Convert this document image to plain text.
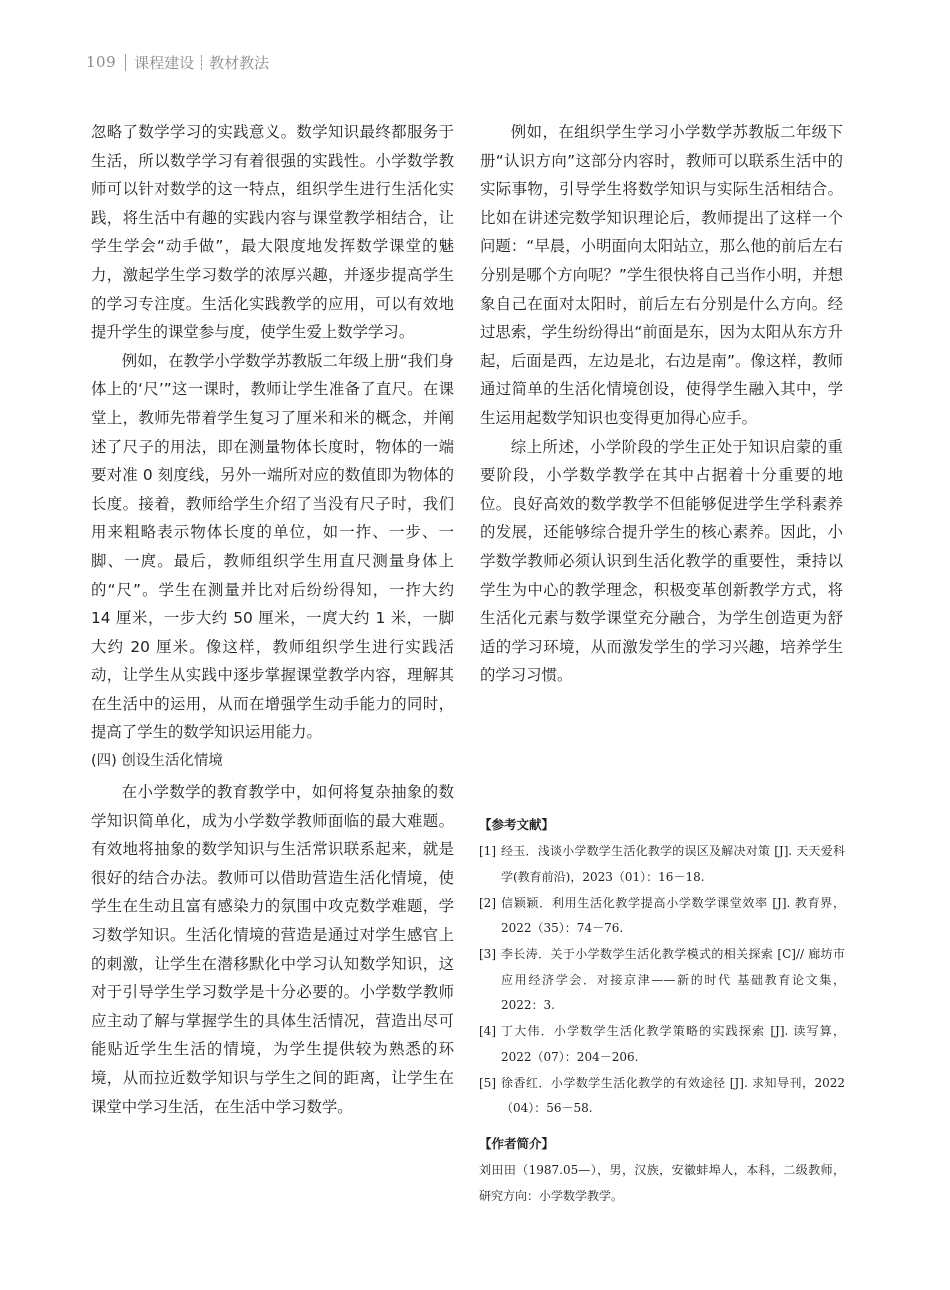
109 课程建设 教材教法

忽略了数学学习的实践意义。数学知识最终都服务于生活，所以数学学习有着很强的实践性。小学数学教师可以针对数学的这一特点，组织学生进行生活化实践，将生活中有趣的实践内容与课堂教学相结合，让学生学会“动手做”，最大限度地发挥数学课堂的魅力，激起学生学习数学的浓厚兴趣，并逐步提高学生的学习专注度。生活化实践教学的应用，可以有效地提升学生的课堂参与度，使学生爱上数学学习。

例如，在教学小学数学苏教版二年级上册“我们身体上的‘尺’”这一课时，教师让学生准备了直尺。在课堂上，教师先带着学生复习了厘米和米的概念，并阐述了尺子的用法，即在测量物体长度时，物体的一端要对准 0 刻度线，另外一端所对应的数值即为物体的长度。接着，教师给学生介绍了当没有尺子时，我们用来粗略表示物体长度的单位，如一拃、一步、一脚、一庹。最后，教师组织学生用直尺测量身体上的“尺”。学生在测量并比对后纷纷得知，一拃大约 14 厘米，一步大约 50 厘米，一庹大约 1 米，一脚大约 20 厘米。像这样，教师组织学生进行实践活动，让学生从实践中逐步掌握课堂教学内容，理解其在生活中的运用，从而在增强学生动手能力的同时，提高了学生的数学知识运用能力。

(四) 创设生活化情境

在小学数学的教育教学中，如何将复杂抽象的数学知识简单化，成为小学数学教师面临的最大难题。有效地将抽象的数学知识与生活常识联系起来，就是很好的结合办法。教师可以借助营造生活化情境，使学生在生动且富有感染力的氛围中攻克数学难题，学习数学知识。生活化情境的营造是通过对学生感官上的刺激，让学生在潜移默化中学习认知数学知识，这对于引导学生学习数学是十分必要的。小学数学教师应主动了解与掌握学生的具体生活情况，营造出尽可能贴近学生生活的情境，为学生提供较为熟悉的环境，从而拉近数学知识与学生之间的距离，让学生在课堂中学习生活，在生活中学习数学。

例如，在组织学生学习小学数学苏教版二年级下册“认识方向”这部分内容时，教师可以联系生活中的实际事物，引导学生将数学知识与实际生活相结合。比如在讲述完数学知识理论后，教师提出了这样一个问题：“早晨，小明面向太阳站立，那么他的前后左右分别是哪个方向呢？”学生很快将自己当作小明，并想象自己在面对太阳时，前后左右分别是什么方向。经过思索，学生纷纷得出“前面是东，因为太阳从东方升起，后面是西，左边是北，右边是南”。像这样，教师通过简单的生活化情境创设，使得学生融入其中，学生运用起数学知识也变得更加得心应手。

综上所述，小学阶段的学生正处于知识启蒙的重要阶段，小学数学教学在其中占据着十分重要的地位。良好高效的数学教学不但能够促进学生学科素养的发展，还能够综合提升学生的核心素养。因此，小学数学教师必须认识到生活化教学的重要性，秉持以学生为中心的教学理念，积极变革创新教学方式，将生活化元素与数学课堂充分融合，为学生创造更为舒适的学习环境，从而激发学生的学习兴趣，培养学生的学习习惯。

【参考文献】
[1] 经玉．浅谈小学数学生活化教学的误区及解决对策 [J]. 天天爱科学(教育前沿)，2023（01）：16－18.
[2] 信颖颖．利用生活化教学提高小学数学课堂效率 [J]. 教育界，2022（35）：74－76.
[3] 李长涛．关于小学数学生活化教学模式的相关探索 [C]// 廊坊市应用经济学会．对接京津——新的时代 基础教育论文集，2022：3.
[4] 丁大伟．小学数学生活化教学策略的实践探索 [J]. 读写算，2022（07）：204－206.
[5] 徐香红．小学数学生活化教学的有效途径 [J]. 求知导刊，2022（04）：56－58.
【作者简介】
刘田田（1987.05—），男，汉族，安徽蚌埠人，本科，二级教师，研究方向：小学数学教学。
